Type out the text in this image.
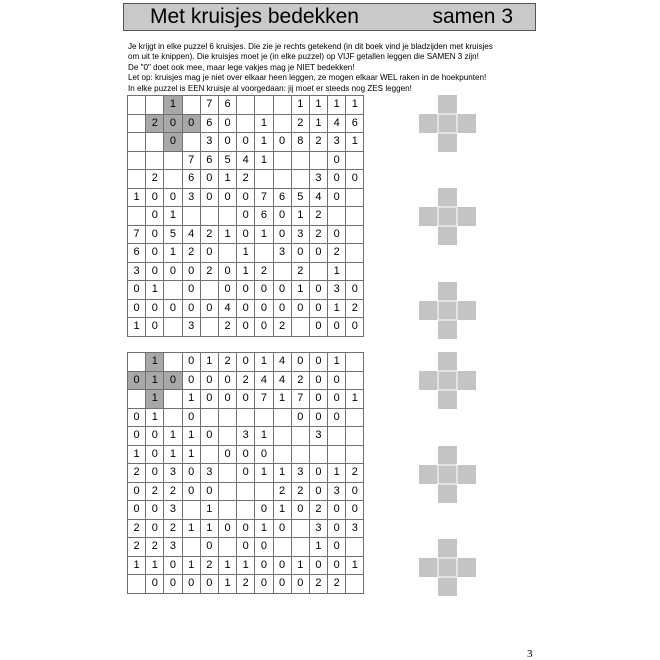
Met kruisjes bedekken	samen 3
Je krijgt in elke puzzel 6 kruisjes. Die zie je rechts getekend (in dit boek vind je bladzijden met kruisjes
om uit te knippen). Die kruisjes moet je (in elke puzzel) op VIJF getallen leggen die SAMEN 3 zijn!
De "0" doet ook mee, maar lege vakjes mag je NIET bedekken!
Let op: kruisjes mag je niet over elkaar heen leggen, ze mogen elkaar WEL raken in de hoekpunten!
In elke puzzel is EEN kruisje al voorgedaan: jij moet er steeds nog ZES leggen!
		1		7	6				1	1	1	1
	2	0	0	6	0		1		2	1	4	6
		0		3	0	0	1	0	8	2	3	1
			7	6	5	4	1				0	
	2		6	0	1	2				3	0	0
1	0	0	3	0	0	0	7	6	5	4	0	
	0	1				0	6	0	1	2		
7	0	5	4	2	1	0	1	0	3	2	0	
6	0	1	2	0		1		3	0	0	2	
3	0	0	0	2	0	1	2		2		1	
0	1		0		0	0	0	0	1	0	3	0
0	0	0	0	0	4	0	0	0	0	0	1	2
1	0		3		2	0	0	2		0	0	0
	1		0	1	2	0	1	4	0	0	1	
0	1	0	0	0	0	2	4	4	2	0	0	
	1		1	0	0	0	7	1	7	0	0	1
0	1		0						0	0	0	
0	0	1	1	0		3	1			3		
1	0	1	1		0	0	0					
2	0	3	0	3		0	1	1	3	0	1	2
0	2	2	0	0				2	2	0	3	0
0	0	3		1			0	1	0	2	0	0
2	0	2	1	1	0	0	1	0		3	0	3
2	2	3		0		0	0			1	0	
1	1	0	1	2	1	1	0	0	1	0	0	1
	0	0	0	0	1	2	0	0	0	2	2	
3
